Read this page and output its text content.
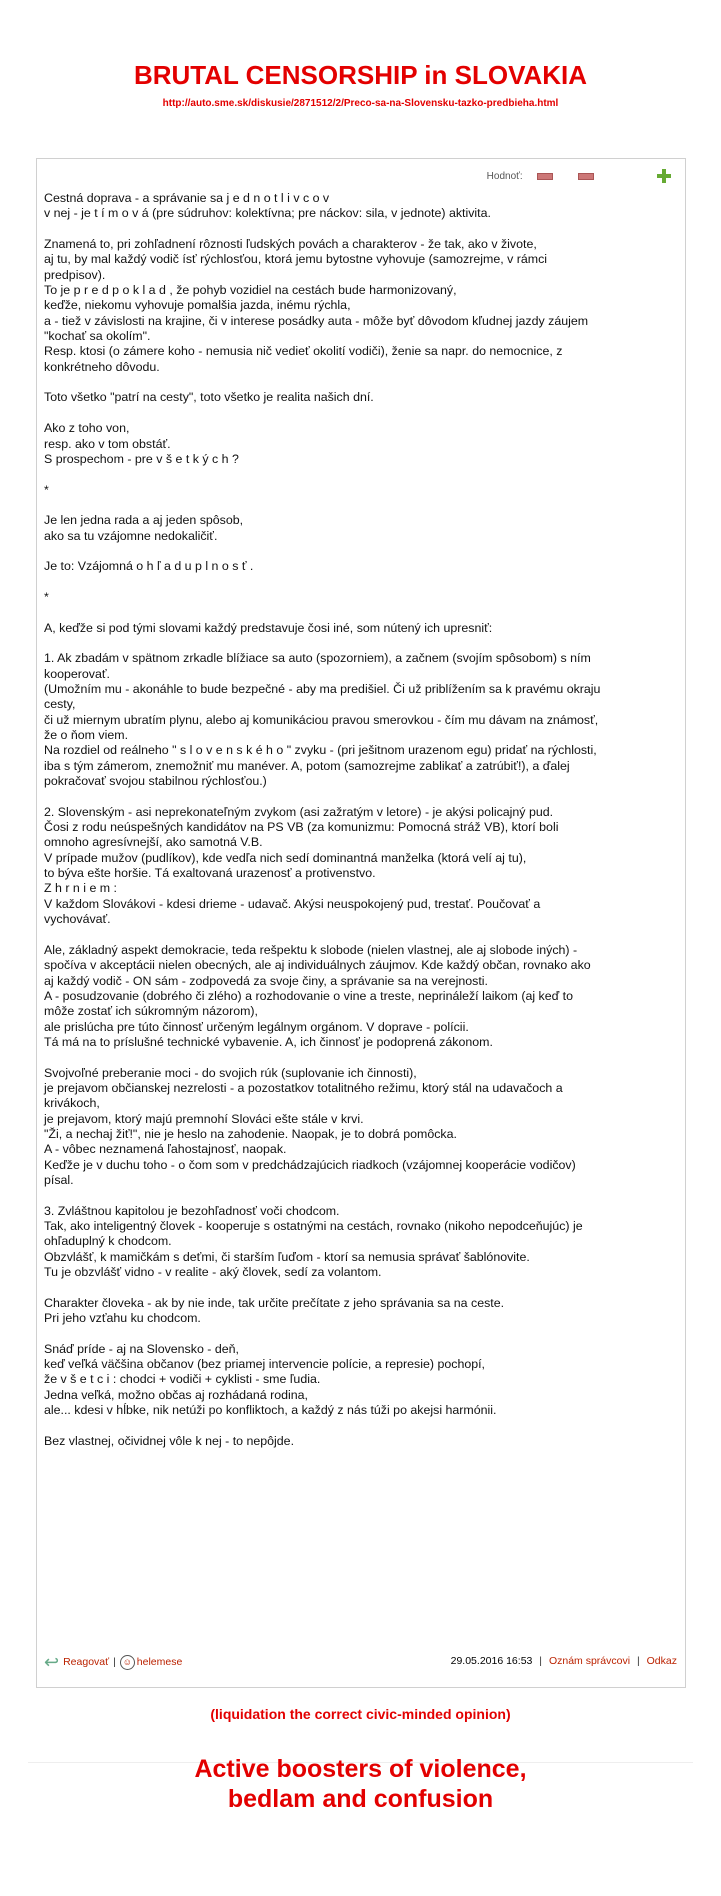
BRUTAL CENSORSHIP in SLOVAKIA
http://auto.sme.sk/diskusie/2871512/2/Preco-sa-na-Slovensku-tazko-predbieha.html
Hodnoť:
Cestná doprava - a správanie sa j e d n o t l i v c o v
v nej - je t í m o v á (pre súdruhov: kolektívna; pre náckov: sila, v jednote) aktivita.

Znamená to, pri zohľadnení rôznosti ľudských povách a charakterov - že tak, ako v živote,
aj tu, by mal každý vodič ísť rýchlosťou, ktorá jemu bytostne vyhovuje (samozrejme, v rámci
predpisov).
To je p r e d p o k l a d , že pohyb vozidiel na cestách bude harmonizovaný,
keďže, niekomu vyhovuje pomalšia jazda, inému rýchla,
a - tiež v závislosti na krajine, či v interese posádky auta - môže byť dôvodom kľudnej jazdy záujem
"kochať sa okolím".
Resp. ktosi (o zámere koho - nemusia nič vedieť okolití vodiči), ženie sa napr. do nemocnice, z
konkrétneho dôvodu.

Toto všetko "patrí na cesty", toto všetko je realita našich dní.

Ako z toho von,
resp. ako v tom obstáť.
S prospechom - pre v š e t k ý c h ?

*

Je len jedna rada a aj jeden spôsob,
ako sa tu vzájomne nedokaličiť.

Je to: Vzájomná o h ľ a d u p l n o s ť .

*

A, keďže si pod tými slovami každý predstavuje čosi iné, som nútený ich upresniť:

1. Ak zbadám v spätnom zrkadle blížiace sa auto (spozorniem), a začnem (svojím spôsobom) s ním
kooperovať.
(Umožním mu - akonáhle to bude bezpečné - aby ma predišiel. Či už priblížením sa k pravému okraju
cesty,
či už miernym ubratím plynu, alebo aj komunikáciou pravou smerovkou - čím mu dávam na známosť,
že o ňom viem.
Na rozdiel od reálneho " s l o v e n s k é h o " zvyku - (pri ješitnom urazenom egu) pridať na rýchlosti,
iba s tým zámerom, znemožniť mu manéver. A, potom (samozrejme zablikať a zatrúbiť!), a ďalej
pokračovať svojou stabilnou rýchlosťou.)

2. Slovenským - asi neprekonateľným zvykom (asi zažratým v letore) - je akýsi policajný pud.
Čosi z rodu neúspešných kandidátov na PS VB (za komunizmu: Pomocná stráž VB), ktorí boli
omnoho agresívnejší, ako samotná V.B.
V prípade mužov (pudlíkov), kde vedľa nich sedí dominantná manželka (ktorá velí aj tu),
to býva ešte horšie. Tá exaltovaná urazenosť a protivenstvo.
Z h r n i e m :
V každom Slovákovi - kdesi drieme - udavač. Akýsi neuspokojený pud, trestať. Poučovať a
vychovávať.

Ale, základný aspekt demokracie, teda rešpektu k slobode (nielen vlastnej, ale aj slobode iných) -
spočíva v akceptácii nielen obecných, ale aj individuálnych záujmov. Kde každý občan, rovnako ako
aj každý vodič - ON sám - zodpovedá za svoje činy, a správanie sa na verejnosti.
A - posudzovanie (dobrého či zlého) a rozhodovanie o vine a treste, neprináleží laikom (aj keď to
môže zostať ich súkromným názorom),
ale prislúcha pre túto činnosť určeným legálnym orgánom. V doprave - polícii.
Tá má na to príslušné technické vybavenie. A, ich činnosť je podoprená zákonom.

Svojvoľné preberanie moci - do svojich rúk (suplovanie ich činnosti),
je prejavom občianskej nezrelosti - a pozostatkov totalitného režimu, ktorý stál na udavačoch a
krivákoch,
je prejavom, ktorý majú premnohí Slováci ešte stále v krvi.
"Ži, a nechaj žiť!", nie je heslo na zahodenie. Naopak, je to dobrá pomôcka.
A - vôbec neznamená ľahostajnosť, naopak.
Keďže je v duchu toho - o čom som v predchádzajúcich riadkoch (vzájomnej kooperácie vodičov)
písal.

3. Zvláštnou kapitolou je bezohľadnosť voči chodcom.
Tak, ako inteligentný človek - kooperuje s ostatnými na cestách, rovnako (nikoho nepodceňujúc) je
ohľaduplný k chodcom.
Obzvlášť, k mamičkám s deťmi, či starším ľuďom - ktorí sa nemusia správať šablónovite.
Tu je obzvlášť vidno - v realite - aký človek, sedí za volantom.

Charakter človeka - ak by nie inde, tak určite prečítate z jeho správania sa na ceste.
Pri jeho vzťahu ku chodcom.

Snáď príde - aj na Slovensko - deň,
keď veľká väčšina občanov (bez priamej intervencie polície, a represie) pochopí,
že v š e t c i : chodci + vodiči + cyklisti - sme ľudia.
Jedna veľká, možno občas aj rozhádaná rodina,
ale... kdesi v hĺbke, nik netúži po konfliktoch, a každý z nás túži po akejsi harmónii.

Bez vlastnej, očividnej vôle k nej - to nepôjde.
↩ Reagovať | ☺ helemese	29.05.2016 16:53 | Oznám správcovi | Odkaz
(liquidation the correct civic-minded opinion)
Active boosters of violence,
bedlam and confusion
